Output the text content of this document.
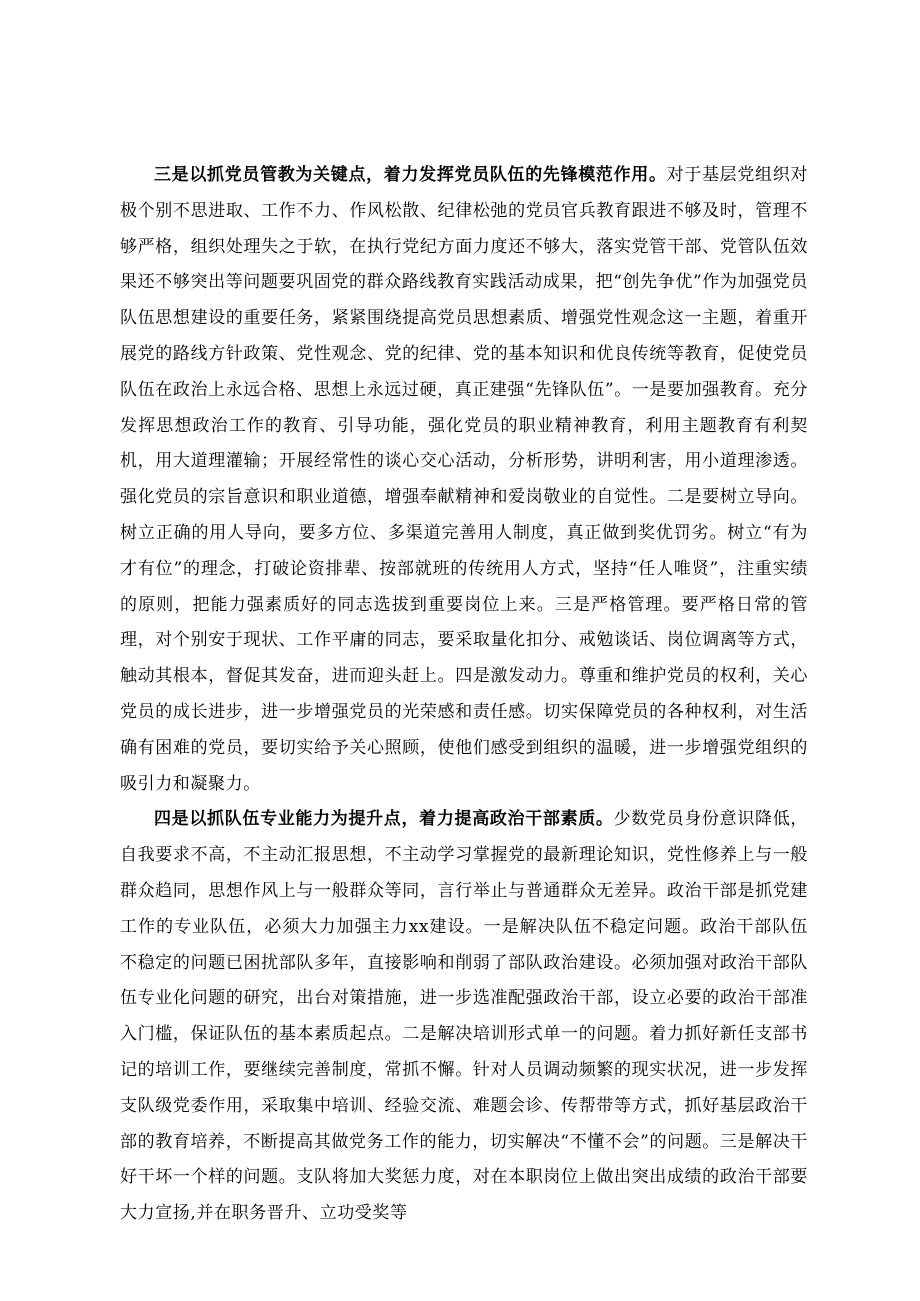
三是以抓党员管教为关键点，着力发挥党员队伍的先锋模范作用。对于基层党组织对极个别不思进取、工作不力、作风松散、纪律松弛的党员官兵教育跟进不够及时，管理不够严格，组织处理失之于软，在执行党纪方面力度还不够大，落实党管干部、党管队伍效果还不够突出等问题要巩固党的群众路线教育实践活动成果，把“创先争优”作为加强党员队伍思想建设的重要任务，紧紧围绕提高党员思想素质、增强党性观念这一主题，着重开展党的路线方针政策、党性观念、党的纪律、党的基本知识和优良传统等教育，促使党员队伍在政治上永远合格、思想上永远过硬，真正建强“先锋队伍”。一是要加强教育。充分发挥思想政治工作的教育、引导功能，强化党员的职业精神教育，利用主题教育有利契机，用大道理灌输；开展经常性的谈心交心活动，分析形势，讲明利害，用小道理渗透。强化党员的宗旨意识和职业道德，增强奉献精神和爱岗敬业的自觉性。二是要树立导向。树立正确的用人导向，要多方位、多渠道完善用人制度，真正做到奖优罚劣。树立“有为才有位”的理念，打破论资排辈、按部就班的传统用人方式，坚持“任人唯贤”，注重实绩的原则，把能力强素质好的同志选拔到重要岗位上来。三是严格管理。要严格日常的管理，对个别安于现状、工作平庸的同志，要采取量化扣分、戒勉谈话、岗位调离等方式，触动其根本，督促其发奋，进而迎头赶上。四是激发动力。尊重和维护党员的权利，关心党员的成长进步，进一步增强党员的光荣感和责任感。切实保障党员的各种权利，对生活确有困难的党员，要切实给予关心照顾，使他们感受到组织的温暖，进一步增强党组织的吸引力和凝聚力。

四是以抓队伍专业能力为提升点，着力提高政治干部素质。少数党员身份意识降低，自我要求不高，不主动汇报思想，不主动学习掌握党的最新理论知识，党性修养上与一般群众趋同，思想作风上与一般群众等同，言行举止与普通群众无差异。政治干部是抓党建工作的专业队伍，必须大力加强主力xx建设。一是解决队伍不稳定问题。政治干部队伍不稳定的问题已困扰部队多年，直接影响和削弱了部队政治建设。必须加强对政治干部队伍专业化问题的研究，出台对策措施，进一步选准配强政治干部，设立必要的政治干部准入门槛，保证队伍的基本素质起点。二是解决培训形式单一的问题。着力抓好新任支部书记的培训工作，要继续完善制度，常抓不懈。针对人员调动频繁的现实状况，进一步发挥支队级党委作用，采取集中培训、经验交流、难题会诊、传帮带等方式，抓好基层政治干部的教育培养，不断提高其做党务工作的能力，切实解决“不懂不会”的问题。三是解决干好干坏一个样的问题。支队将加大奖惩力度，对在本职岗位上做出突出成绩的政治干部要大力宣扬,并在职务晋升、立功受奖等
